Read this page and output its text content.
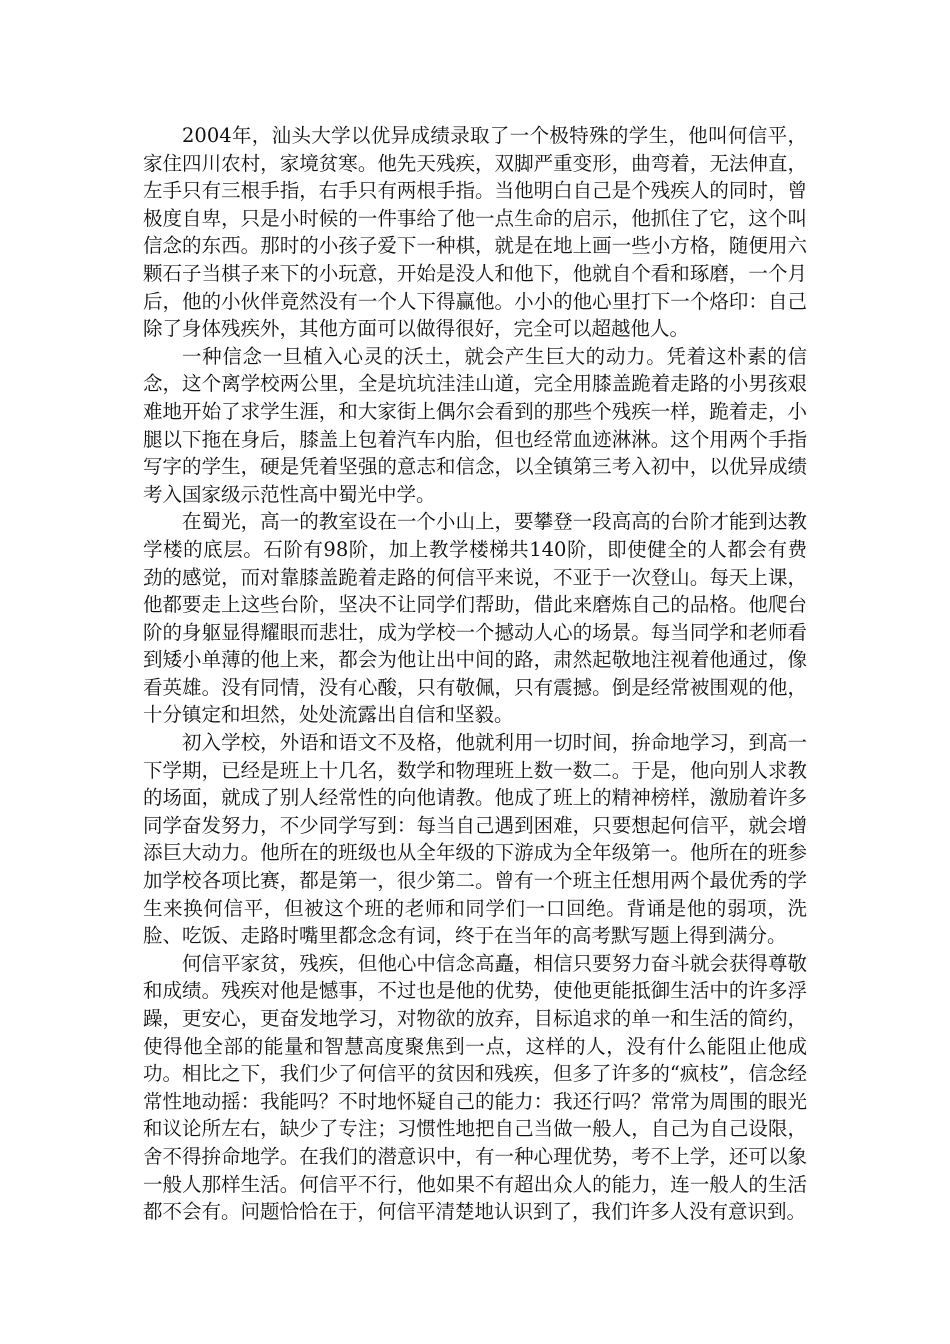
2004年，汕头大学以优异成绩录取了一个极特殊的学生，他叫何信平，家住四川农村，家境贫寒。他先天残疾，双脚严重变形，曲弯着，无法伸直，左手只有三根手指，右手只有两根手指。当他明白自己是个残疾人的同时，曾极度自卑，只是小时候的一件事给了他一点生命的启示，他抓住了它，这个叫信念的东西。那时的小孩子爱下一种棋，就是在地上画一些小方格，随便用六颗石子当棋子来下的小玩意，开始是没人和他下，他就自个看和琢磨，一个月后，他的小伙伴竟然没有一个人下得赢他。小小的他心里打下一个烙印：自己除了身体残疾外，其他方面可以做得很好，完全可以超越他人。

一种信念一旦植入心灵的沃土，就会产生巨大的动力。凭着这朴素的信念，这个离学校两公里，全是坑坑洼洼山道，完全用膝盖跪着走路的小男孩艰难地开始了求学生涯，和大家街上偶尔会看到的那些个残疾一样，跪着走，小腿以下拖在身后，膝盖上包着汽车内胎，但也经常血迹淋淋。这个用两个手指写字的学生，硬是凭着坚强的意志和信念，以全镇第三考入初中，以优异成绩考入国家级示范性高中蜀光中学。

在蜀光，高一的教室设在一个小山上，要攀登一段高高的台阶才能到达教学楼的底层。石阶有98阶，加上教学楼梯共140阶，即使健全的人都会有费劲的感觉，而对靠膝盖跪着走路的何信平来说，不亚于一次登山。每天上课，他都要走上这些台阶，坚决不让同学们帮助，借此来磨炼自己的品格。他爬台阶的身躯显得耀眼而悲壮，成为学校一个撼动人心的场景。每当同学和老师看到矮小单薄的他上来，都会为他让出中间的路，肃然起敬地注视着他通过，像看英雄。没有同情，没有心酸，只有敬佩，只有震撼。倒是经常被围观的他，十分镇定和坦然，处处流露出自信和坚毅。

初入学校，外语和语文不及格，他就利用一切时间，拚命地学习，到高一下学期，已经是班上十几名，数学和物理班上数一数二。于是，他向别人求教的场面，就成了别人经常性的向他请教。他成了班上的精神榜样，激励着许多同学奋发努力，不少同学写到：每当自己遇到困难，只要想起何信平，就会增添巨大动力。他所在的班级也从全年级的下游成为全年级第一。他所在的班参加学校各项比赛，都是第一，很少第二。曾有一个班主任想用两个最优秀的学生来换何信平，但被这个班的老师和同学们一口回绝。背诵是他的弱项，洗脸、吃饭、走路时嘴里都念念有词，终于在当年的高考默写题上得到满分。

何信平家贫，残疾，但他心中信念高矗，相信只要努力奋斗就会获得尊敬和成绩。残疾对他是憾事，不过也是他的优势，使他更能抵御生活中的许多浮躁，更安心，更奋发地学习，对物欲的放弃，目标追求的单一和生活的简约，使得他全部的能量和智慧高度聚焦到一点，这样的人，没有什么能阻止他成功。相比之下，我们少了何信平的贫因和残疾，但多了许多的“疯枝”，信念经常性地动摇：我能吗？不时地怀疑自己的能力：我还行吗？常常为周围的眼光和议论所左右，缺少了专注；习惯性地把自己当做一般人，自己为自己设限，舍不得拚命地学。在我们的潜意识中，有一种心理优势，考不上学，还可以象一般人那样生活。何信平不行，他如果不有超出众人的能力，连一般人的生活都不会有。问题恰恰在于，何信平清楚地认识到了，我们许多人没有意识到。
